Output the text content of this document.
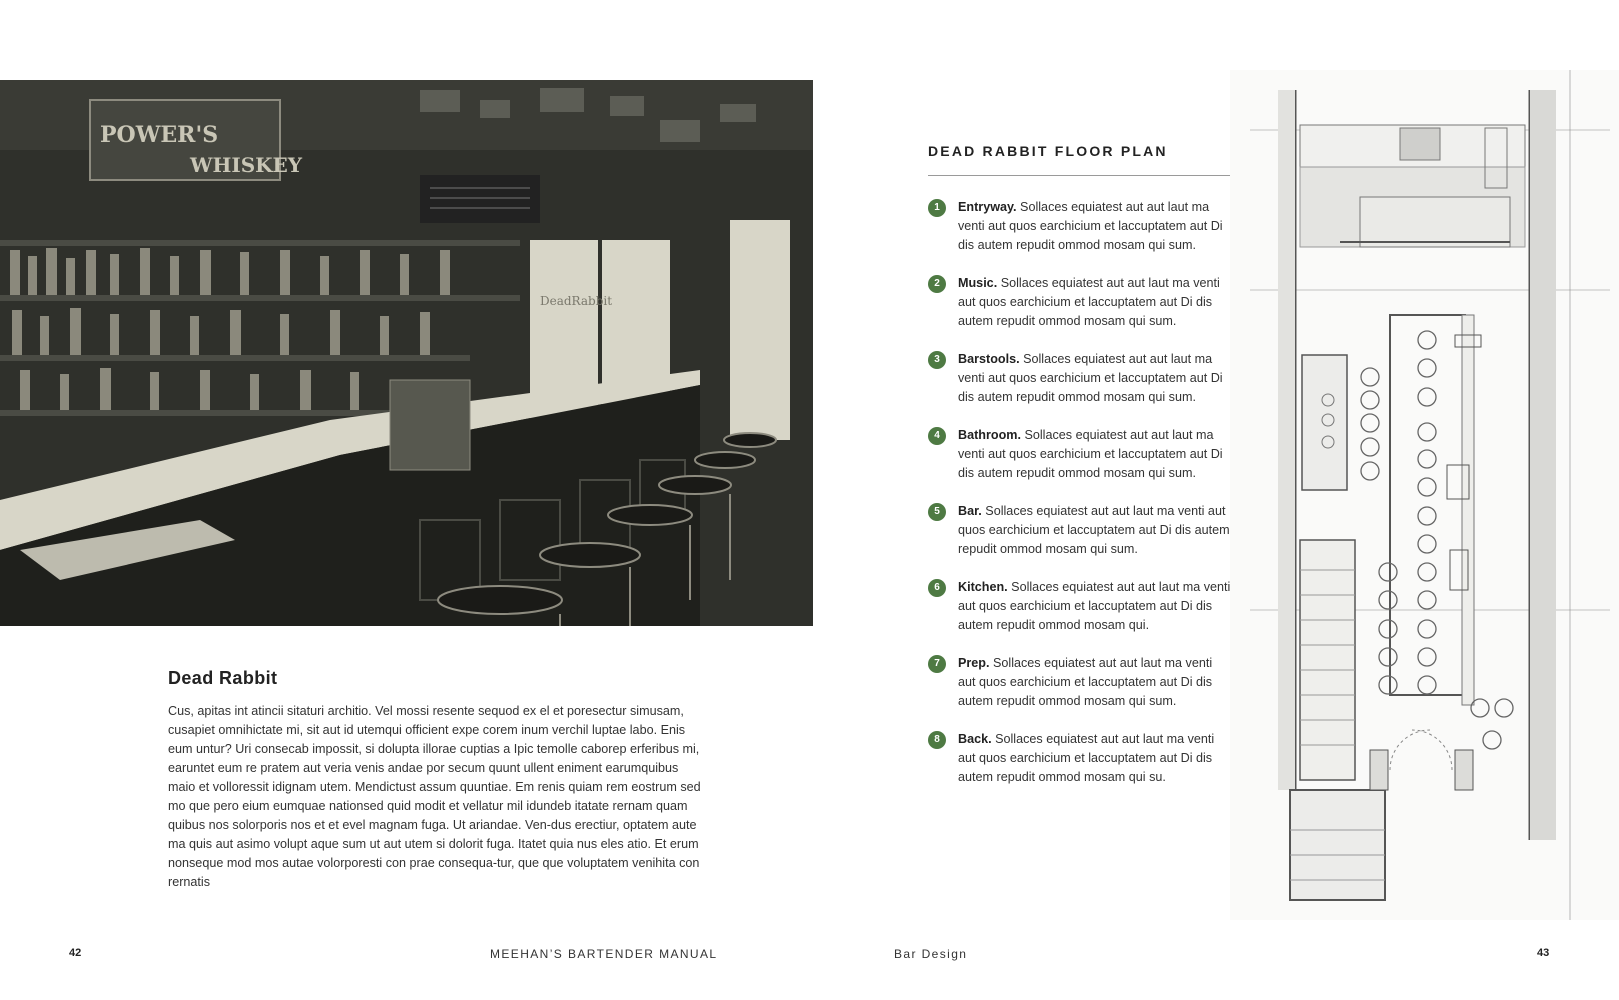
POWER'S
WHISKEY
DeadRabbit
Dead Rabbit

Cus, apitas int atincii sitaturi architio. Vel mossi resente sequod ex el et poresectur simusam, cusapiet omnihictate mi, sit aut id utemqui officient expe corem inum verchil luptae labo. Enis eum untur? Uri consecab impossit, si dolupta illorae cuptias a Ipic temolle caborep erferibus mi, earuntet eum re pratem aut veria venis andae por secum quunt ullent eniment earumquibus maio et volloressit idignam utem. Mendictust assum quuntiae. Em renis quiam rem eostrum sed mo que pero eium eumquae nationsed quid modit et vellatur mil idundeb itatate rernam quam quibus nos solorporis nos et et evel magnam fuga. Ut ariandae. Ven-dus erectiur, optatem aute ma quis aut asimo volupt aque sum ut aut utem si dolorit fuga. Itatet quia nus eles atio. Et erum nonseque mod mos autae volorporesti con prae consequa-tur, que que voluptatem venihita con rernatis

42	MEEHAN’S BARTENDER MANUAL
DEAD RABBIT FLOOR PLAN
1	Entryway. Sollaces equiatest aut aut laut ma venti aut quos earchicium et laccuptatem aut Di dis autem repudit ommod mosam qui sum.
2	Music. Sollaces equiatest aut aut laut ma venti aut quos earchicium et laccuptatem aut Di dis autem repudit ommod mosam qui sum.
3	Barstools. Sollaces equiatest aut aut laut ma venti aut quos earchicium et laccuptatem aut Di dis autem repudit ommod mosam qui sum.
4	Bathroom. Sollaces equiatest aut aut laut ma venti aut quos earchicium et laccuptatem aut Di dis autem repudit ommod mosam qui sum.
5	Bar. Sollaces equiatest aut aut laut ma venti aut quos earchicium et laccuptatem aut Di dis autem repudit ommod mosam qui sum.
6	Kitchen. Sollaces equiatest aut aut laut ma venti aut quos earchicium et laccuptatem aut Di dis autem repudit ommod mosam qui.
7	Prep. Sollaces equiatest aut aut laut ma venti aut quos earchicium et laccuptatem aut Di dis autem repudit ommod mosam qui sum.
8	Back. Sollaces equiatest aut aut laut ma venti aut quos earchicium et laccuptatem aut Di dis autem repudit ommod mosam qui su.
Bar Design	43
